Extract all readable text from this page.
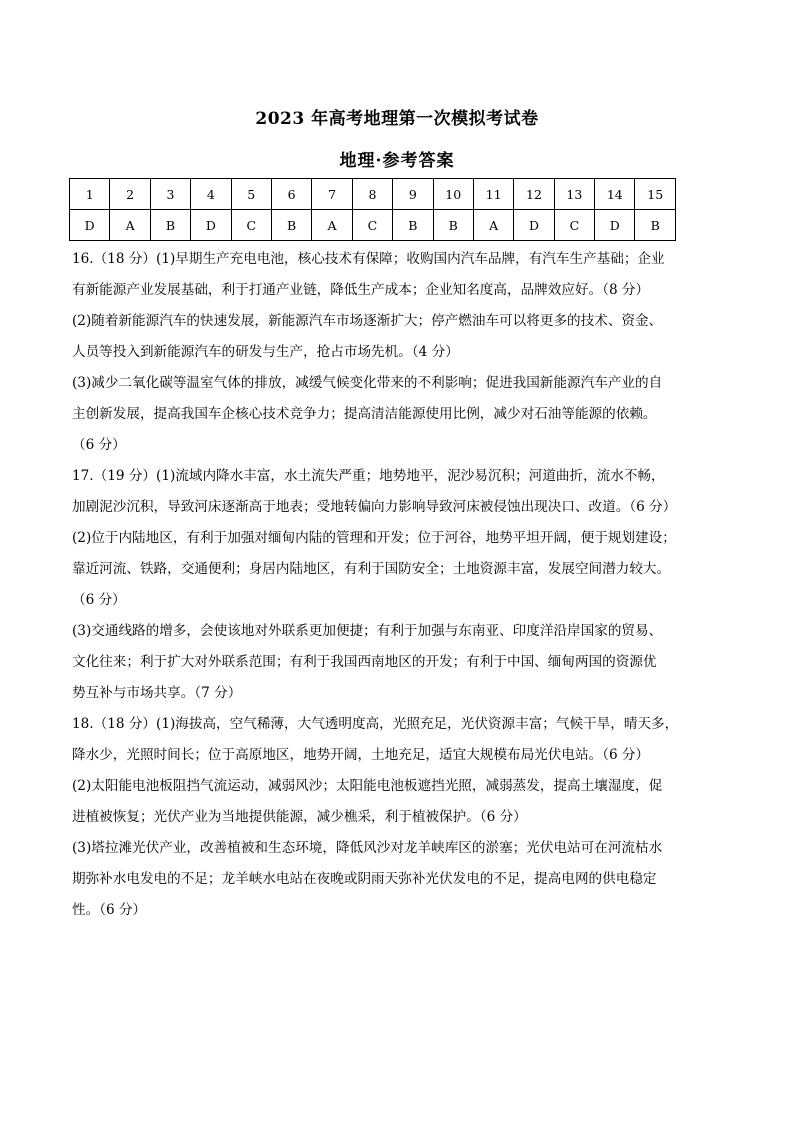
2023 年高考地理第一次模拟考试卷
地理·参考答案
1	2	3	4	5	6	7	8	9	10	11	12	13	14	15
D	A	B	D	C	B	A	C	B	B	A	D	C	D	B
16.（18 分）(1)早期生产充电电池，核心技术有保障；收购国内汽车品牌，有汽车生产基础；企业
有新能源产业发展基础，利于打通产业链，降低生产成本；企业知名度高，品牌效应好。（8 分）
(2)随着新能源汽车的快速发展，新能源汽车市场逐渐扩大；停产燃油车可以将更多的技术、资金、
人员等投入到新能源汽车的研发与生产，抢占市场先机。（4 分）
(3)减少二氧化碳等温室气体的排放，减缓气候变化带来的不利影响；促进我国新能源汽车产业的自
主创新发展，提高我国车企核心技术竞争力；提高清洁能源使用比例，减少对石油等能源的依赖。
（6 分）
17.（19 分）(1)流域内降水丰富，水土流失严重；地势地平，泥沙易沉积；河道曲折，流水不畅，
加剧泥沙沉积，导致河床逐渐高于地表；受地转偏向力影响导致河床被侵蚀出现决口、改道。（6 分）
(2)位于内陆地区，有利于加强对缅甸内陆的管理和开发；位于河谷，地势平坦开阔，便于规划建设；
靠近河流、铁路，交通便利；身居内陆地区，有利于国防安全；土地资源丰富，发展空间潜力较大。
（6 分）
(3)交通线路的增多，会使该地对外联系更加便捷；有利于加强与东南亚、印度洋沿岸国家的贸易、
文化往来；利于扩大对外联系范围；有利于我国西南地区的开发；有利于中国、缅甸两国的资源优
势互补与市场共享。（7 分）
18.（18 分）(1)海拔高，空气稀薄，大气透明度高，光照充足，光伏资源丰富；气候干旱，晴天多，
降水少，光照时间长；位于高原地区，地势开阔，土地充足，适宜大规模布局光伏电站。（6 分）
(2)太阳能电池板阻挡气流运动，减弱风沙；太阳能电池板遮挡光照，减弱蒸发，提高土壤湿度，促
进植被恢复；光伏产业为当地提供能源，减少樵采，利于植被保护。（6 分）
(3)塔拉滩光伏产业，改善植被和生态环境，降低风沙对龙羊峡库区的淤塞；光伏电站可在河流枯水
期弥补水电发电的不足；龙羊峡水电站在夜晚或阴雨天弥补光伏发电的不足，提高电网的供电稳定
性。（6 分）
